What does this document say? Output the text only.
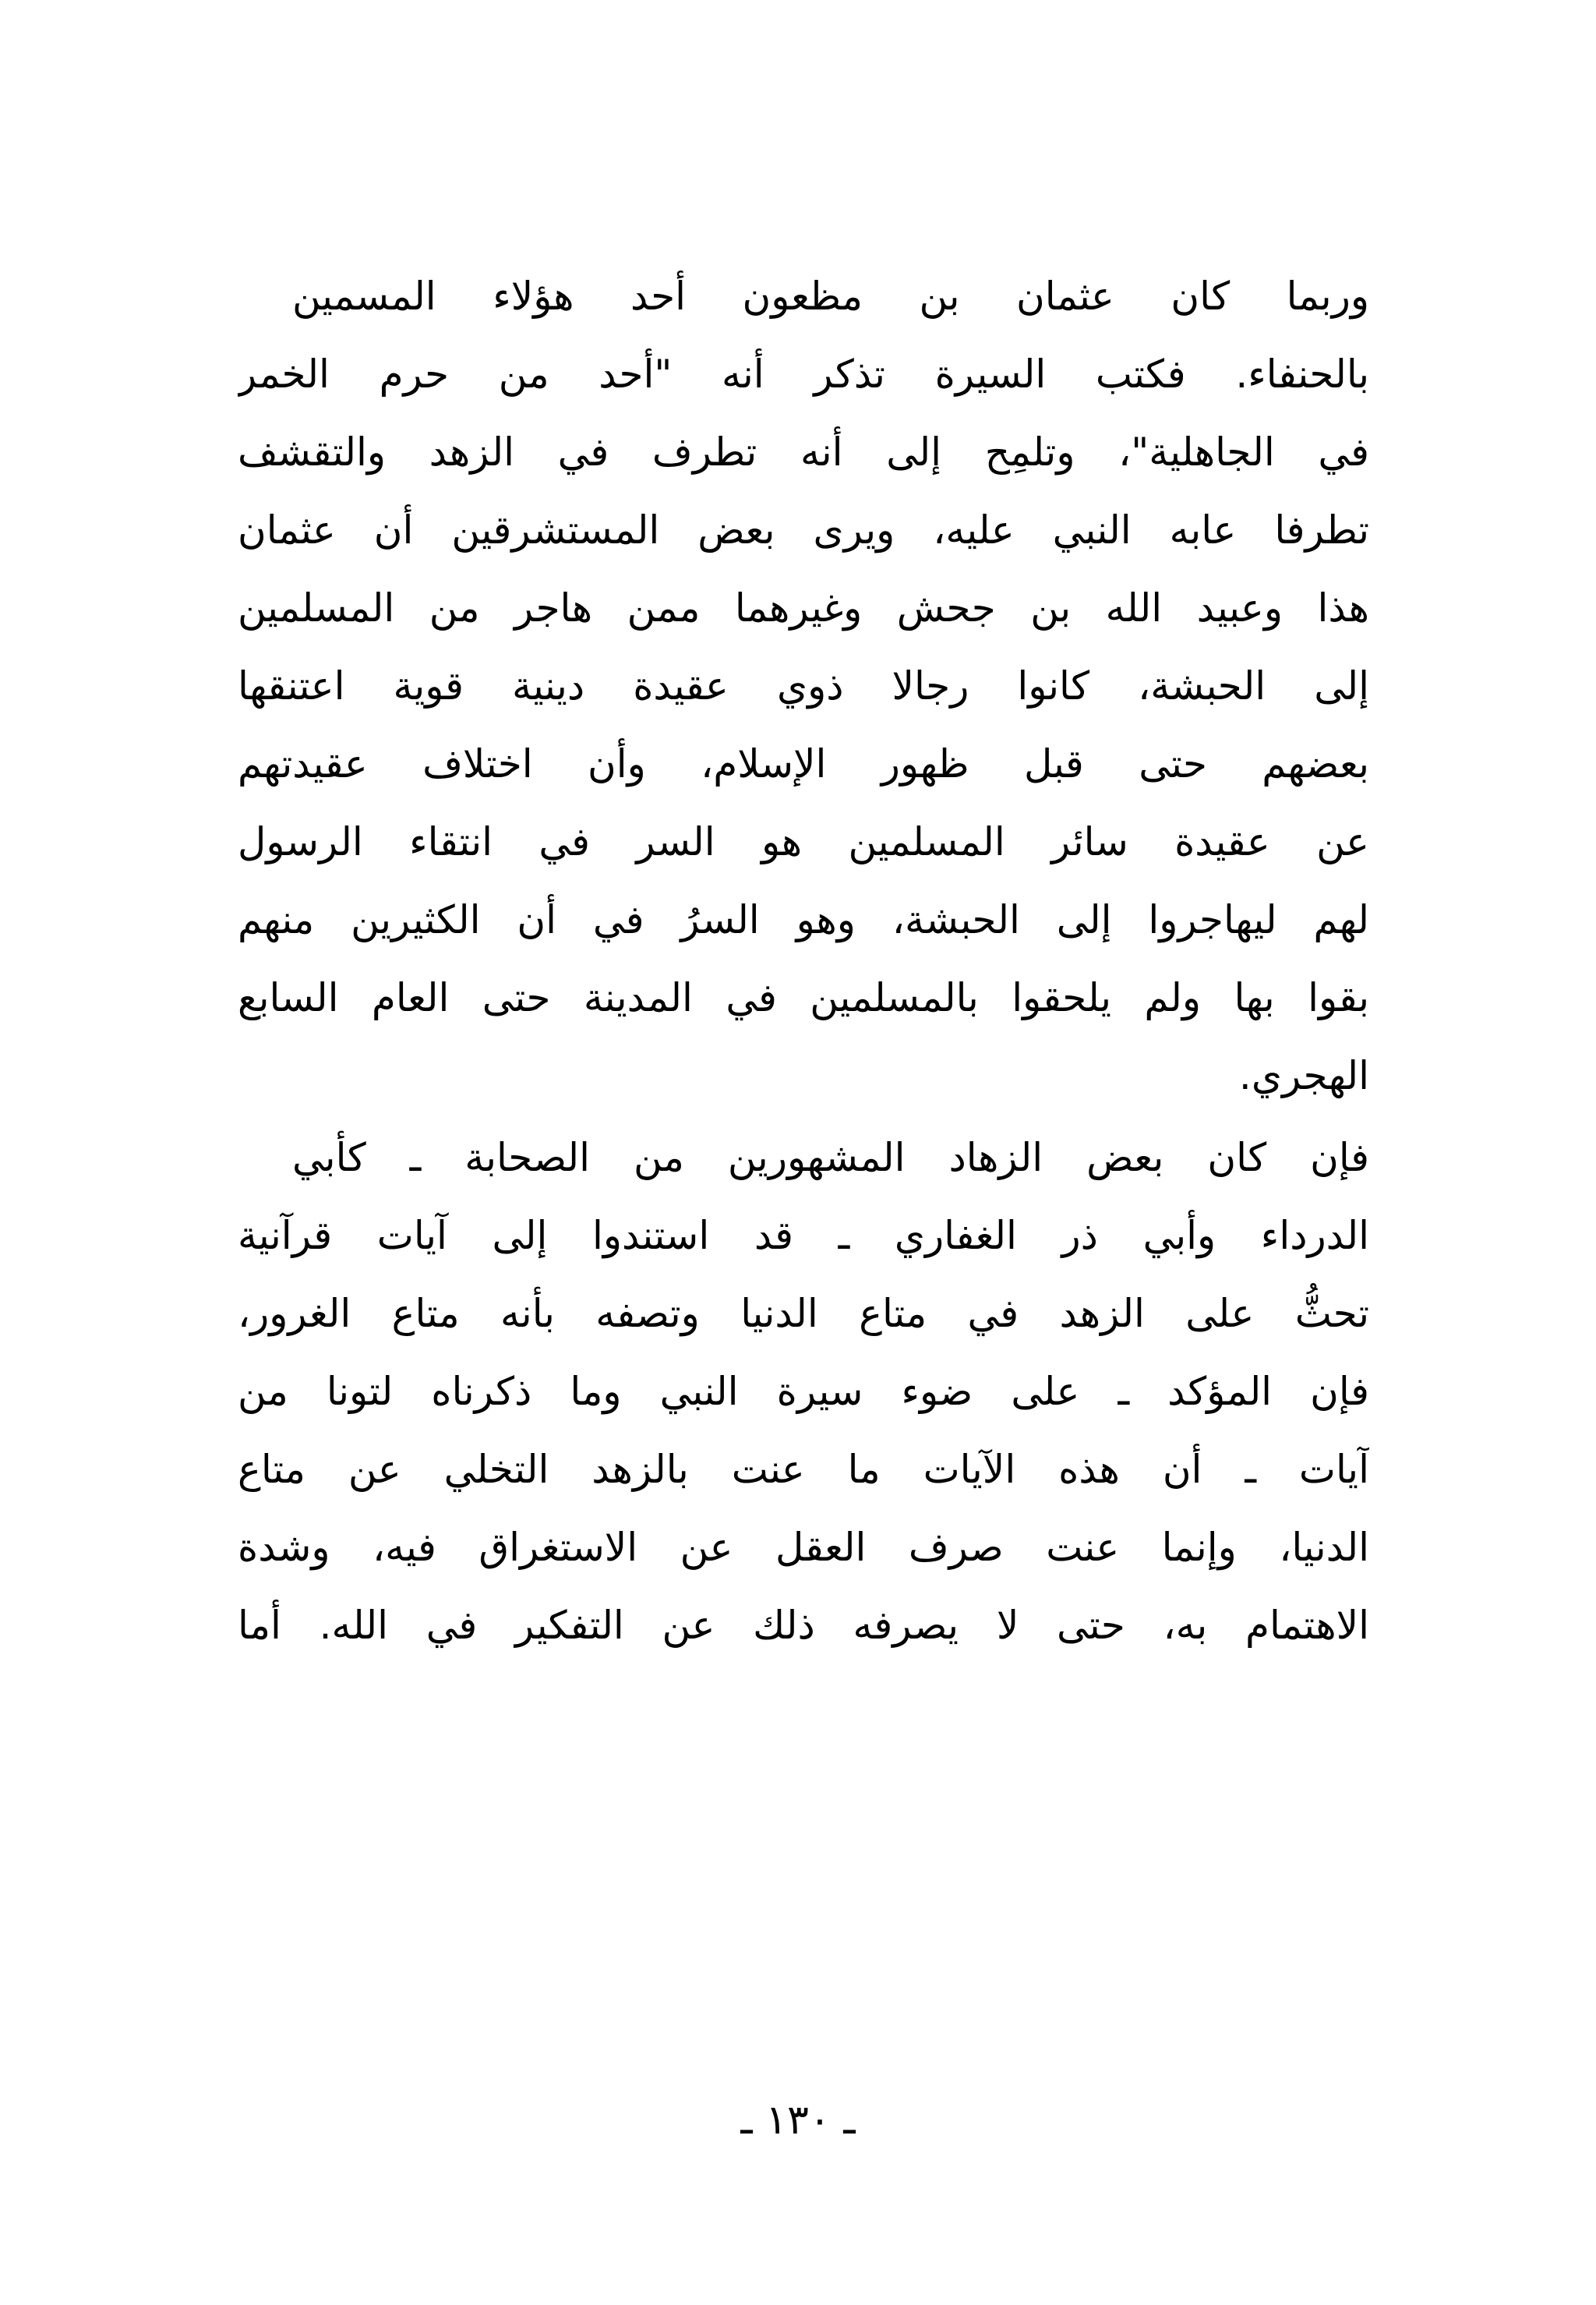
وربما كان عثمان بن مظعون أحد هؤلاء المسمين
بالحنفاء. فكتب السيرة تذكر أنه "أحد من حرم الخمر
في الجاهلية"، وتلمِح إلى أنه تطرف في الزهد والتقشف
تطرفا عابه النبي عليه، ويرى بعض المستشرقين أن عثمان
هذا وعبيد الله بن جحش وغيرهما ممن هاجر من المسلمين
إلى الحبشة، كانوا رجالا ذوي عقيدة دينية قوية اعتنقها
بعضهم حتى قبل ظهور الإسلام، وأن اختلاف عقيدتهم
عن عقيدة سائر المسلمين هو السر في انتقاء الرسول
لهم ليهاجروا إلى الحبشة، وهو السرُ في أن الكثيرين منهم
بقوا بها ولم يلحقوا بالمسلمين في المدينة حتى العام السابع
الهجري.
فإن كان بعض الزهاد المشهورين من الصحابة ـ كأبي
الدرداء وأبي ذر الغفاري ـ قد استندوا إلى آيات قرآنية
تحثُّ على الزهد في متاع الدنيا وتصفه بأنه متاع الغرور،
فإن المؤكد ـ على ضوء سيرة النبي وما ذكرناه لتونا من
آيات ـ أن هذه الآيات ما عنت بالزهد التخلي عن متاع
الدنيا، وإنما عنت صرف العقل عن الاستغراق فيه، وشدة
الاهتمام به، حتى لا يصرفه ذلك عن التفكير في الله. أما
ـ ١٣٠ ـ
